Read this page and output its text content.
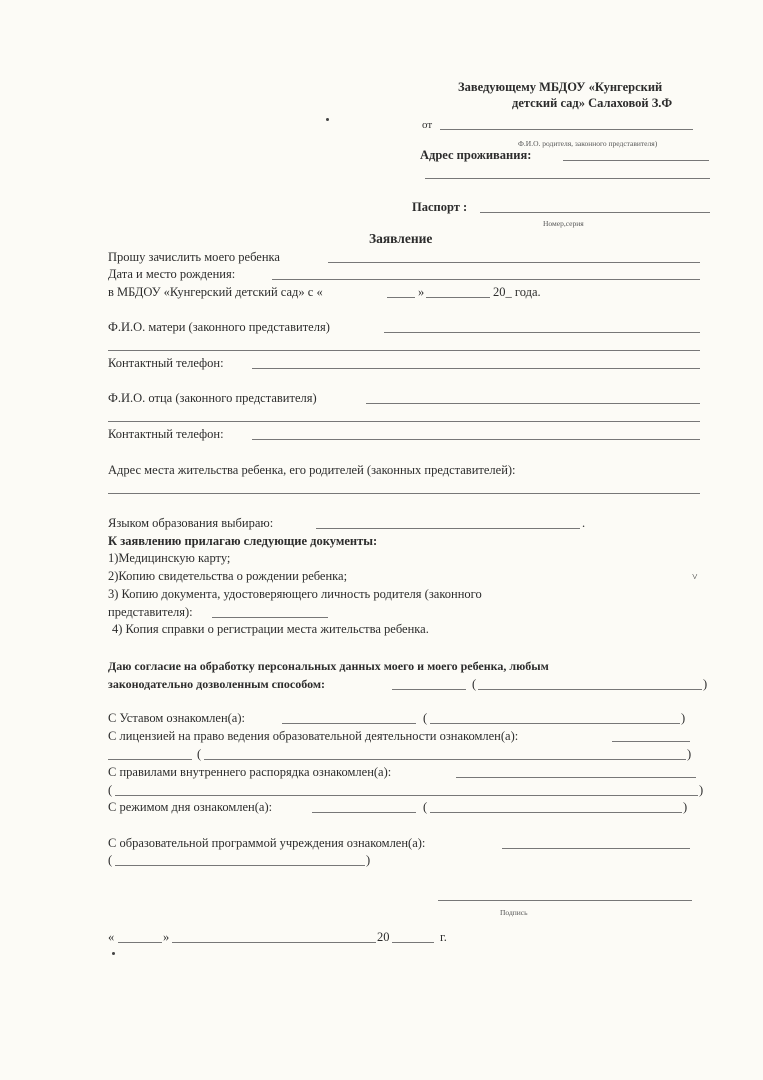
Заведующему МБДОУ «Кунгерский
детский сад» Салаховой З.Ф
от
Ф.И.О. родителя, законного представителя)
Адрес проживания:
Паспорт :
Номер,серия
Заявление
Прошу зачислить моего ребенка
Дата и место рождения:
в МБДОУ «Кунгерский детский сад» с «	»	20_ года.
Ф.И.О. матери (законного представителя)
Контактный телефон:
Ф.И.О. отца (законного представителя)
Контактный телефон:
Адрес места жительства ребенка, его родителей (законных представителей):
Языком образования выбираю:	.
К заявлению прилагаю следующие документы:
1)Медицинскую карту;
2)Копию свидетельства о рождении ребенка;
3) Копию документа, удостоверяющего личность родителя (законного
представителя):
4) Копия справки о регистрации места жительства ребенка.
˅
Даю согласие на обработку персональных данных моего и моего ребенка, любым
законодательно дозволенным способом:	(	)
С Уставом ознакомлен(а):	(	)
С лицензией на право ведения образовательной деятельности ознакомлен(а):
(	)
С правилами внутреннего распорядка ознакомлен(а):
(	)
С режимом дня ознакомлен(а):	(	)
С образовательной программой учреждения ознакомлен(а):
(	)
Подпись
«	»	20	г.
